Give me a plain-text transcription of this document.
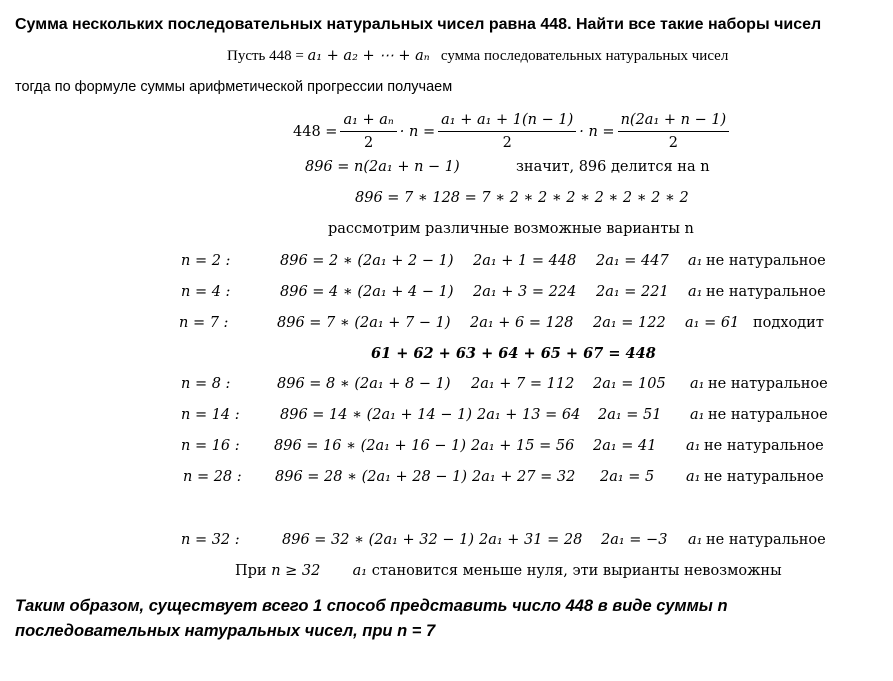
Сумма нескольких последовательных натуральных чисел равна 448. Найти все такие наборы чисел
Пусть 448 = a₁ + a₂ + ⋯ + aₙ сумма последовательных натуральных чисел
тогда по формуле суммы арифметической прогрессии получаем
$448 = \frac{\text{a₁ + aₙ}}{2} \cdot n = \frac{\text{a₁ + a₁ + 1(n − 1)}}{2} \cdot n = \frac{\text{n(2a₁ + n − 1)}}{2}$
896 = n(2a₁ + n − 1)	значит, 896 делится на n
896 = 7 ∗ 128 = 7 ∗ 2 ∗ 2 ∗ 2 ∗ 2 ∗ 2 ∗ 2 ∗ 2
рассмотрим различные возможные варианты n
n = 2 :	896 = 2 ∗ (2a₁ + 2 − 1) 2a₁ + 1 = 448 2a₁ = 447 a₁ не натуральное
n = 4 :	896 = 4 ∗ (2a₁ + 4 − 1) 2a₁ + 3 = 224 2a₁ = 221 a₁ не натуральное
n = 7 :	896 = 7 ∗ (2a₁ + 7 − 1) 2a₁ + 6 = 128 2a₁ = 122 a₁ = 61 подходит
61 + 62 + 63 + 64 + 65 + 67 = 448
n = 8 :	896 = 8 ∗ (2a₁ + 8 − 1) 2a₁ + 7 = 112 2a₁ = 105 a₁ не натуральное
n = 14 :	896 = 14 ∗ (2a₁ + 14 − 1) 2a₁ + 13 = 64 2a₁ = 51 a₁ не натуральное
n = 16 : 896 = 16 ∗ (2a₁ + 16 − 1) 2a₁ + 15 = 56 2a₁ = 41 a₁ не натуральное
n = 28 : 896 = 28 ∗ (2a₁ + 28 − 1) 2a₁ + 27 = 32 2a₁ = 5 a₁ не натуральное
n = 32 :	896 = 32 ∗ (2a₁ + 32 − 1) 2a₁ + 31 = 28 2a₁ = −3 a₁ не натуральное
При n ≥ 32 a₁ становится меньше нуля, эти вырианты невозможны
Таким образом, существует всего 1 способ представить число 448 в виде суммы n последовательных натуральных чисел, при n = 7
